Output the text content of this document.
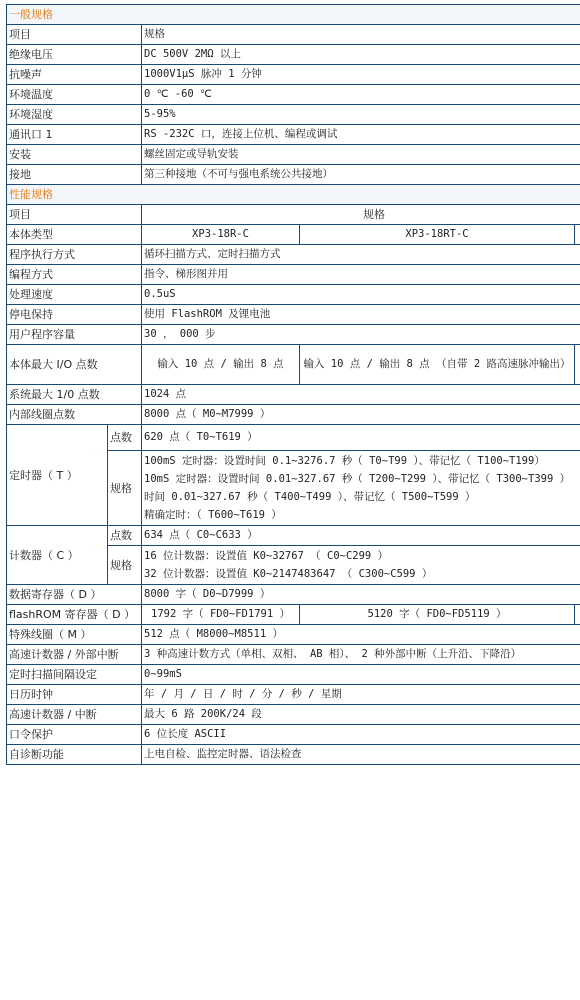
一般规格				
项目		规格		
绝缘电压		DC 500V 2MΩ 以上		
抗噪声		1000V1μS 脉冲 1 分钟		
环境温度		0 ℃ -60 ℃		
环境湿度		5-95%		
通讯口 1		RS -232C 口，连接上位机、编程或调试		
安装		螺丝固定或导轨安装		
接地		第三种接地（不可与强电系统公共接地）		
性能规格				
项目		规格		
本体类型		XP3-18R-C	XP3-18RT-C	
程序执行方式		循环扫描方式、定时扫描方式		
编程方式		指令、梯形图并用		
处理速度		0.5uS		
停电保持		使用 FlashROM 及锂电池		
用户程序容量		30 ， 000 步		
本体最大 I/O 点数		输入 10 点 / 输出 8 点	输入 10 点 / 输出 8 点 （自带 2 路高速脉冲输出）	
系统最大 1/0 点数		1024 点		
内部线圈点数		8000 点（ M0~M7999 ）		
定时器（ T ）	点数	620 点（ T0~T619 ）		
	规格	100mS 定时器：设置时间 0.1~3276.7 秒（ T0~T99 ）、带记忆（ T100~T199）
10mS 定时器：设置时间 0.01~327.67 秒（ T200~T299 ）、带记忆（ T300~T399 ）
时间 0.01~327.67 秒（ T400~T499 ）、带记忆（ T500~T599 ）
精确定时：（ T600~T619 ）		

计数器（ C ）	点数	634 点（ C0~C633 ）		
	规格	16 位计数器：设置值 K0~32767 （ C0~C299 ）
32 位计数器：设置值 K0~2147483647 （ C300~C599 ）		

数据寄存器（ D ）		8000 字（ D0~D7999 ）		
flashROM 寄存器（ D ）		1792 字（ FD0~FD1791 ）	5120 字（ FD0~FD5119 ）	
特殊线圈（ M ）		512 点（ M8000~M8511 ）		
高速计数器 / 外部中断		3 种高速计数方式（单相、双相、 AB 相）、 2 种外部中断（上升沿、下降沿）		
定时扫描间隔设定		0~99mS		
日历时钟		年 / 月 / 日 / 时 / 分 / 秒 / 星期		
高速计数器 / 中断		最大 6 路 200K/24 段		
口令保护		6 位长度 ASCII		
自诊断功能		上电自检、监控定时器、语法检查		
